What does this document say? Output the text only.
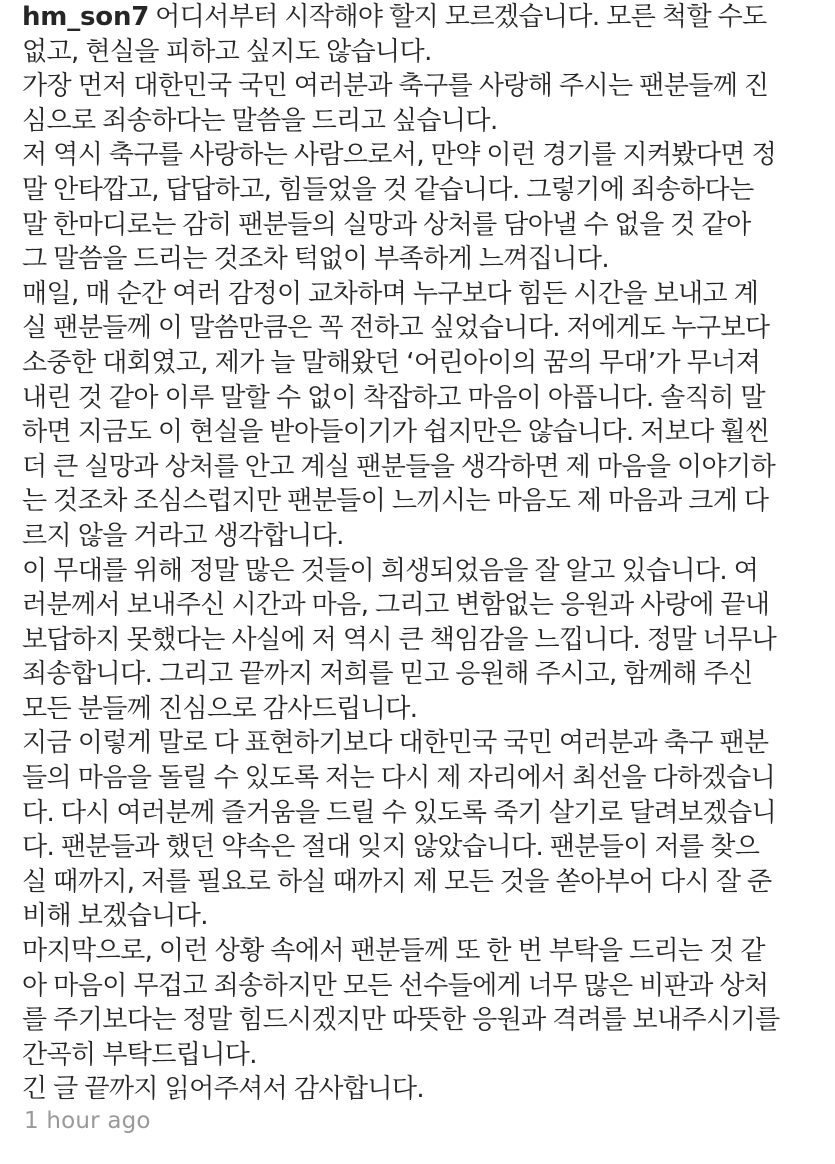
hm_son7 어디서부터 시작해야 할지 모르겠습니다. 모른 척할 수도
없고, 현실을 피하고 싶지도 않습니다.
가장 먼저 대한민국 국민 여러분과 축구를 사랑해 주시는 팬분들께 진
심으로 죄송하다는 말씀을 드리고 싶습니다.
저 역시 축구를 사랑하는 사람으로서, 만약 이런 경기를 지켜봤다면 정
말 안타깝고, 답답하고, 힘들었을 것 같습니다. 그렇기에 죄송하다는
말 한마디로는 감히 팬분들의 실망과 상처를 담아낼 수 없을 것 같아
그 말씀을 드리는 것조차 턱없이 부족하게 느껴집니다.
매일, 매 순간 여러 감정이 교차하며 누구보다 힘든 시간을 보내고 계
실 팬분들께 이 말씀만큼은 꼭 전하고 싶었습니다. 저에게도 누구보다
소중한 대회였고, 제가 늘 말해왔던 ‘어린아이의 꿈의 무대’가 무너져
내린 것 같아 이루 말할 수 없이 착잡하고 마음이 아픕니다. 솔직히 말
하면 지금도 이 현실을 받아들이기가 쉽지만은 않습니다. 저보다 훨씬
더 큰 실망과 상처를 안고 계실 팬분들을 생각하면 제 마음을 이야기하
는 것조차 조심스럽지만 팬분들이 느끼시는 마음도 제 마음과 크게 다
르지 않을 거라고 생각합니다.
이 무대를 위해 정말 많은 것들이 희생되었음을 잘 알고 있습니다. 여
러분께서 보내주신 시간과 마음, 그리고 변함없는 응원과 사랑에 끝내
보답하지 못했다는 사실에 저 역시 큰 책임감을 느낍니다. 정말 너무나
죄송합니다. 그리고 끝까지 저희를 믿고 응원해 주시고, 함께해 주신
모든 분들께 진심으로 감사드립니다.
지금 이렇게 말로 다 표현하기보다 대한민국 국민 여러분과 축구 팬분
들의 마음을 돌릴 수 있도록 저는 다시 제 자리에서 최선을 다하겠습니
다. 다시 여러분께 즐거움을 드릴 수 있도록 죽기 살기로 달려보겠습니
다. 팬분들과 했던 약속은 절대 잊지 않았습니다. 팬분들이 저를 찾으
실 때까지, 저를 필요로 하실 때까지 제 모든 것을 쏟아부어 다시 잘 준
비해 보겠습니다.
마지막으로, 이런 상황 속에서 팬분들께 또 한 번 부탁을 드리는 것 같
아 마음이 무겁고 죄송하지만 모든 선수들에게 너무 많은 비판과 상처
를 주기보다는 정말 힘드시겠지만 따뜻한 응원과 격려를 보내주시기를
간곡히 부탁드립니다.
긴 글 끝까지 읽어주셔서 감사합니다.
1 hour ago
